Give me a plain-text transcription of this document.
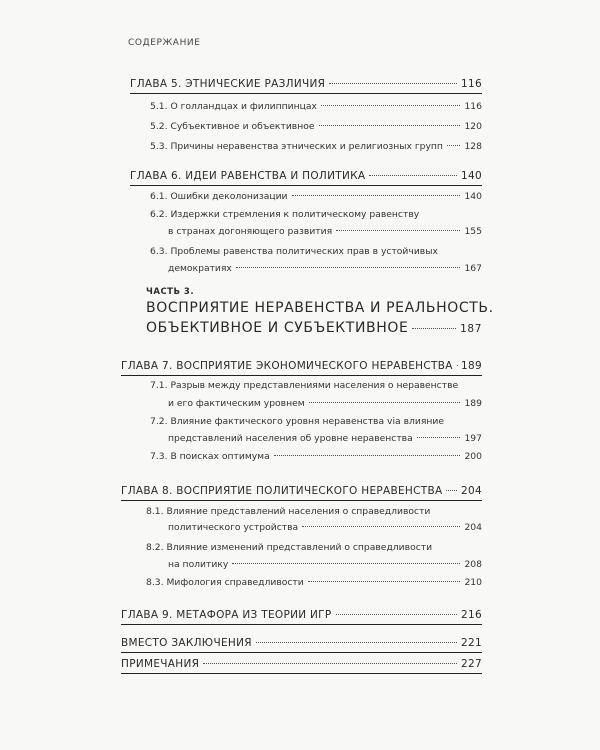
СОДЕРЖАНИЕ
ГЛАВА 5. ЭТНИЧЕСКИЕ РАЗЛИЧИЯ	116
5.1. О голландцах и филиппинцах	116
5.2. Субъективное и объективное	120
5.3. Причины неравенства этнических и религиозных групп 128
ГЛАВА 6. ИДЕИ РАВЕНСТВА И ПОЛИТИКА	140
6.1. Ошибки деколонизации	140
6.2. Издержки стремления к политическому равенству
в странах догоняющего развития	155
6.3. Проблемы равенства политических прав в устойчивых
демократиях	167
ЧАСТЬ 3.
ВОСПРИЯТИЕ НЕРАВЕНСТВА И РЕАЛЬНОСТЬ.
ОБЪЕКТИВНОЕ И СУБЪЕКТИВНОЕ	187
ГЛАВА 7. ВОСПРИЯТИЕ ЭКОНОМИЧЕСКОГО НЕРАВЕНСТВА 189
7.1. Разрыв между представлениями населения о неравенстве
и его фактическим уровнем	189
7.2. Влияние фактического уровня неравенства via влияние
представлений населения об уровне неравенства	197
7.3. В поисках оптимума	200
ГЛАВА 8. ВОСПРИЯТИЕ ПОЛИТИЧЕСКОГО НЕРАВЕНСТВА 204
8.1. Влияние представлений населения о справедливости
политического устройства	204
8.2. Влияние изменений представлений о справедливости
на политику	208
8.3. Мифология справедливости	210
ГЛАВА 9. МЕТАФОРА ИЗ ТЕОРИИ ИГР	216
ВМЕСТО ЗАКЛЮЧЕНИЯ	221
ПРИМЕЧАНИЯ	227
